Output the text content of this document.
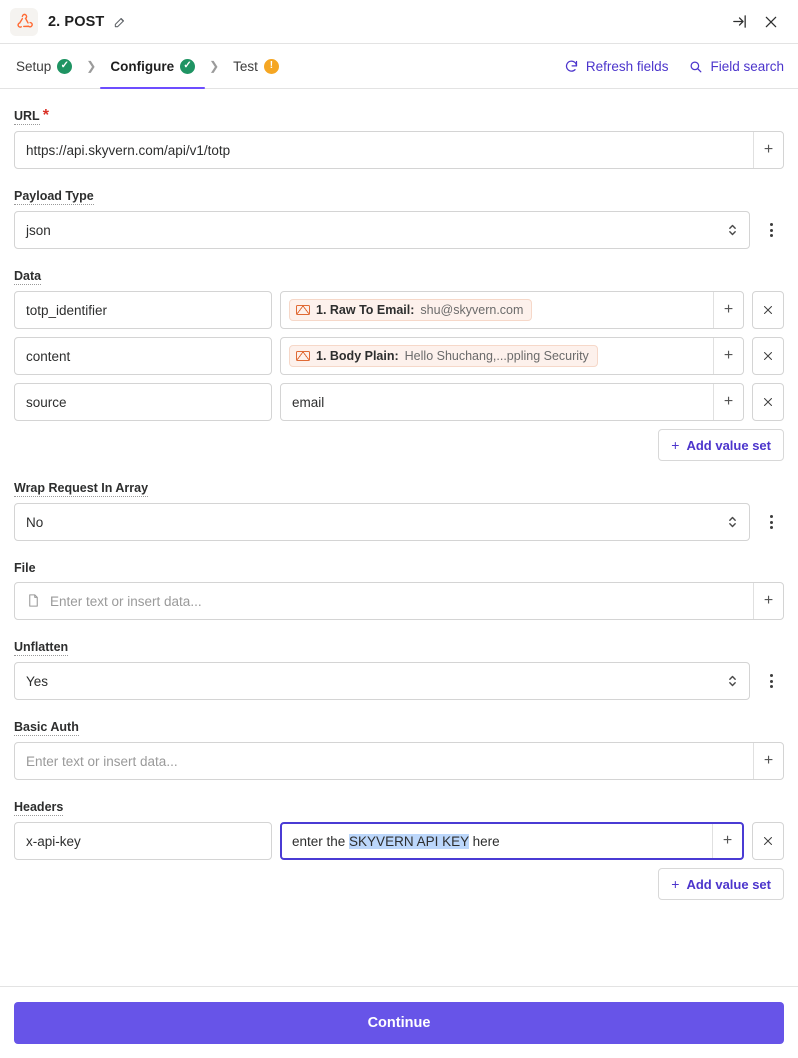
2. POST
Setup ✓	❯	Configure ✓	❯	Test	!	Refresh fields	Field search
URL *
https://api.skyvern.com/api/v1/totp	+
Payload Type
json
Data
totp_identifier	1. Raw To Email: shu@skyvern.com	+
content	1. Body Plain: Hello Shuchang,...ppling Security	+
source	email	+
+ Add value set
Wrap Request In Array
No
File
Enter text or insert data...	+
Unflatten
Yes
Basic Auth
Enter text or insert data...	+
Headers
x-api-key	enter the SKYVERN API KEY here	+
+ Add value set
Continue
